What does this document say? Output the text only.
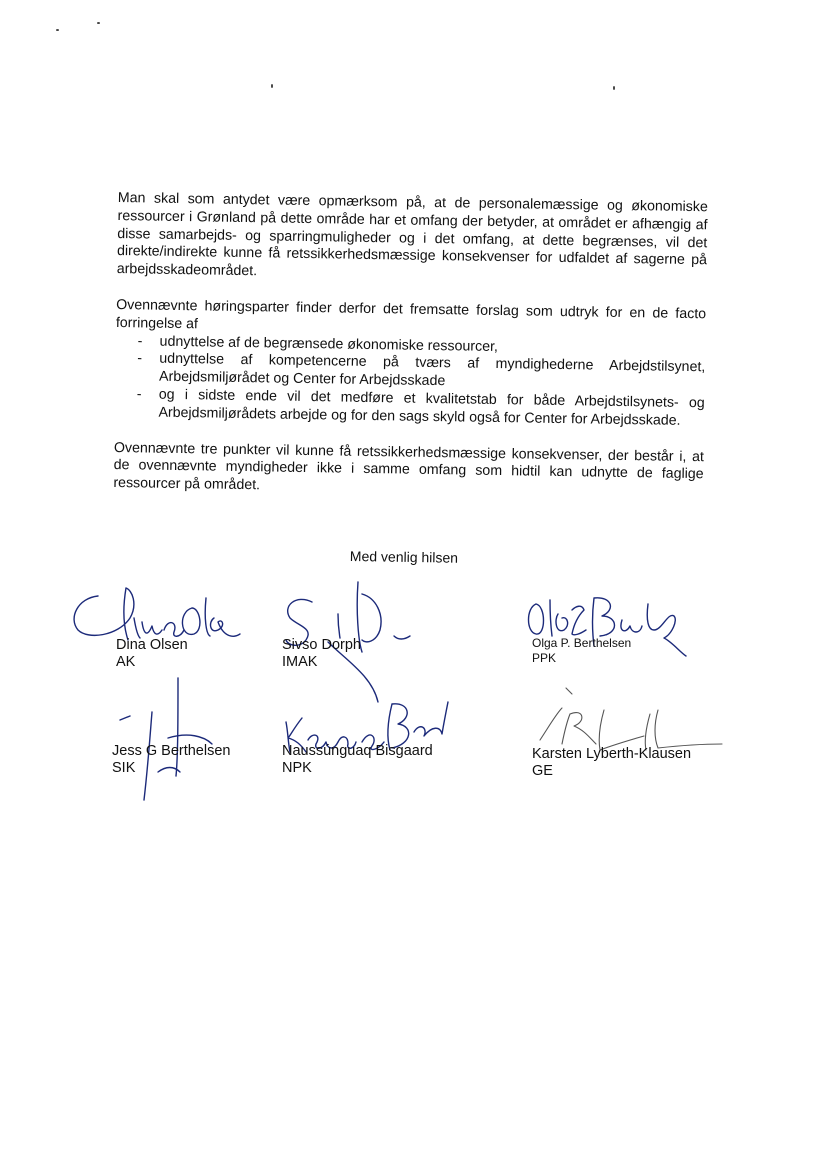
Man skal som antydet være opmærksom på, at de personalemæssige og økonomiske ressourcer i Grønland på dette område har et omfang der betyder, at området er afhængig af disse samarbejds- og sparringmuligheder og i det omfang, at dette begrænses, vil det direkte/indirekte kunne få retssikkerhedsmæssige konsekvenser for udfaldet af sagerne på arbejdsskadeområdet.

Ovennævnte høringsparter finder derfor det fremsatte forslag som udtryk for en de facto forringelse af
- udnyttelse af de begrænsede økonomiske ressourcer,
- udnyttelse af kompetencerne på tværs af myndighederne Arbejdstilsynet, Arbejdsmiljørådet og Center for Arbejdsskade
- og i sidste ende vil det medføre et kvalitetstab for både Arbejdstilsynets- og Arbejdsmiljørådets arbejde og for den sags skyld også for Center for Arbejdsskade.

Ovennævnte tre punkter vil kunne få retssikkerhedsmæssige konsekvenser, der består i, at de ovennævnte myndigheder ikke i samme omfang som hidtil kan udnytte de faglige ressourcer på området.

Med venlig hilsen
Dina Olsen
AK
Sivso Dorph
IMAK
Olga P. Berthelsen
PPK
Jess G Berthelsen
SIK
Naussúnguaq Bisgaard
NPK
Karsten Lyberth-Klausen
GE
